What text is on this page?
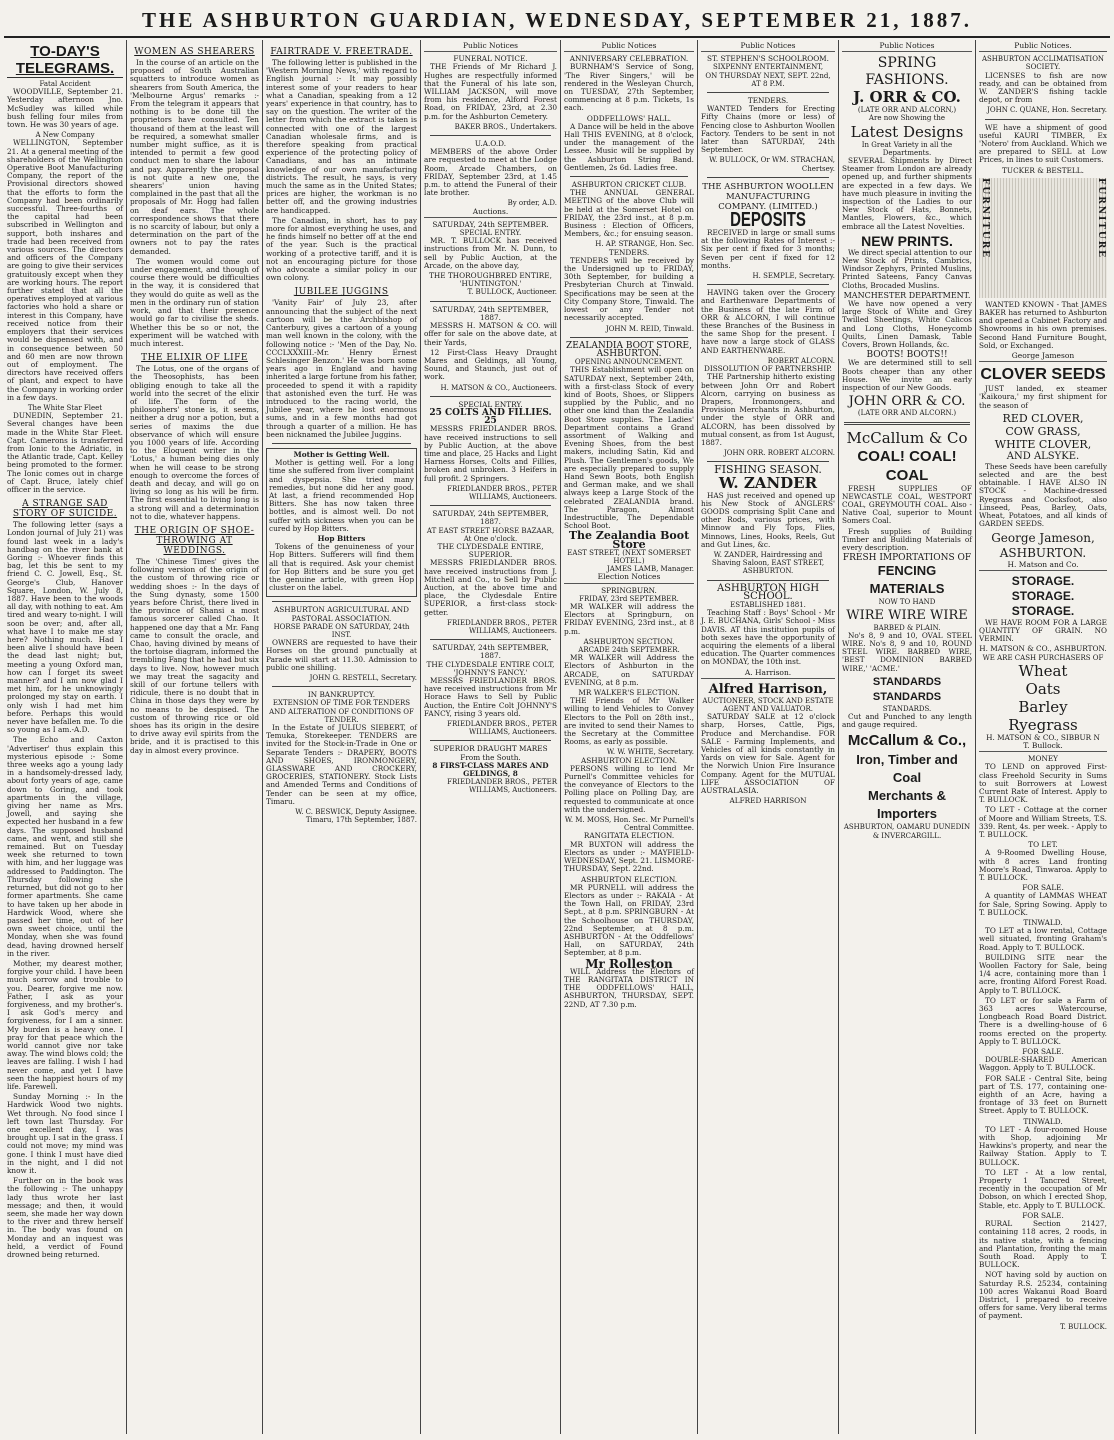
THE ASHBURTON GUARDIAN, WEDNESDAY, SEPTEMBER 21, 1887.
TO-DAY'S TELEGRAMS.
Fatal Accident

WOODVILLE, September 21. Yesterday afternoon Jno. McSudley was killed while bush felling four miles from town. He was 30 years of age.

A New Company

WELLINGTON, September 21. At a general meeting of the shareholders of the Wellington Operative Boot Manufacturing Company, the report of the Provisional directors showed that the efforts to form the Company had been ordinarily successful. Three-fourths of the capital had been subscribed in Wellington and support, both inshares and trade had been received from various sources. The directors and officers of the Company are going to give their services gratuitously except when they are working hours. The report further stated that all the operatives employed at various factories who hold a share or interest in this Company, have received notice from their employers that their services would be dispensed with, and in consequence between 50 and 60 men are now thrown out of employment. The directors have received offers of plant, and expect to have the Company in working order in a few days.

The White Star Fleet

DUNEDIN, September 21. Several changes have been made in the White Star Fleet. Capt. Camerons is transferred from Ionic to the Adriatic, in the Atlantic trade, Capt. Kelley being promoted to the former. The Ionic comes out in charge of Capt. Bruce, lately chief officer in the service.

A STRANGE SAD STORY OF SUICIDE.

The following letter (says a London journal of July 21) was found last week in a lady's handbag on the river bank at Goring :- Whoever finds this bag, let this be sent to my friend C. C. Jowell, Esq., St. George's Club, Hanover Square, London, W. July 8, 1887. Have been to the woods all day, with nothing to eat. Am tired and weary to-night. I will soon be over; and, after all, what have I to make me stay here? Nothing much. Had I been alive I should have been the dead last night; but, meeting a young Oxford man, how can I forget its sweet manner? and I am now glad I met him, for he unknowingly prolonged my stay on earth. I only wish I had met him before. Perhaps this would never have befallen me. To die so young as I am.-A.D.

The Echo and Caxton 'Advertiser' thus explain this mysterious episode :- Some three weeks ago a young lady in a handsomely-dressed lady, about forty years of age, came down to Goring, and took apartments in the village, giving her name as Mrs. Jowell, and saying she expected her husband in a few days. The supposed husband came, and went, and still she remained. But on Tuesday week she returned to town with him, and her luggage was addressed to Paddington. The Thursday following she returned, but did not go to her former apartments. She came to have taken up her abode in Hardwick Wood, where she passed her time, out of her own sweet choice, until the Monday, when she was found dead, having drowned herself in the river.

Mother, my dearest mother, forgive your child. I have been much sorrow and trouble to you. Dearer, forgive me now. Father, I ask as your forgiveness, and my brother's. I ask God's mercy and forgiveness, for I am a sinner. My burden is a heavy one. I pray for that peace which the world cannot give nor take away. The wind blows cold; the leaves are falling. I wish I had never come, and yet I have seen the happiest hours of my life. Farewell.

Sunday Morning :- In the Hardwick Wood two nights. Wet through. No food since I left town last Thursday. For one excellent day, I was brought up. I sat in the grass. I could not move; my mind was gone. I think I must have died in the night, and I did not know it.

Further on in the book was the following :- The unhappy lady thus wrote her last message; and then, it would seem, she made her way down to the river and threw herself in. The body was found on Monday and an inquest was held, a verdict of Found drowned being returned.

WOMEN AS SHEARERS

In the course of an article on the proposed of South Australian squatters to introduce women as shearers from South America, the 'Melbourne Argus' remarks :- From the telegram it appears that nothing is to be done till the proprietors have consulted. Ten thousand of them at the least will be required, a somewhat smaller number might suffice, as it is intended to permit a few good conduct men to share the labour and pay. Apparently the proposal is not quite a new one, the shearers' union having complained in the past that all the proposals of Mr. Hogg had fallen on deaf ears. The whole correspondence shows that there is no scarcity of labour, but only a determination on the part of the owners not to pay the rates demanded.

The women would come out under engagement, and though of course there would be difficulties in the way, it is considered that they would do quite as well as the men in the ordinary run of station work, and that their presence would go far to civilise the sheds. Whether this be so or not, the experiment will be watched with much interest.

THE ELIXIR OF LIFE

The Lotus, one of the organs of the Theosophists, has been obliging enough to take all the world into the secret of the elixir of life. The form of the philosophers' stone is, it seems, neither a drug nor a potion, but a series of maxims the due observance of which will ensure you 1000 years of life. According to the Eloquent writer in the 'Lotus,' a human being dies only when he will cease to be strong enough to overcome the forces of death and decay, and will go on living so long as his will be firm. The first essential to living long is a strong will and a determination not to die, whatever happens.

THE ORIGIN OF SHOE-THROWING AT WEDDINGS.

The 'Chinese Times' gives the following version of the origin of the custom of throwing rice or wedding shoes :- In the days of the Sung dynasty, some 1500 years before Christ, there lived in the province of Shansi a most famous sorcerer called Chao. It happened one day that a Mr. Fang came to consult the oracle, and Chao, having divined by means of the tortoise diagram, informed the trembling Fang that he had but six days to live. Now, however much we may treat the sagacity and skill of our fortune tellers with ridicule, there is no doubt that in China in those days they were by no means to be despised. The custom of throwing rice or old shoes has its origin in the desire to drive away evil spirits from the bride, and it is practised to this day in almost every province.

FAIRTRADE V. FREETRADE.

The following letter is published in the 'Western Morning News,' with regard to English journal :- It may possibly interest some of your readers to hear what a Canadian, speaking from a 12 years' experience in that country, has to say on the question. The writer of the letter from which the extract is taken is connected with one of the largest Canadian wholesale firms, and is therefore speaking from practical experience of the protecting policy of Canadians, and has an intimate knowledge of our own manufacturing districts. The result, he says, is very much the same as in the United States; prices are higher, the workman is no better off, and the growing industries are handicapped.

The Canadian, in short, has to pay more for almost everything he uses, and he finds himself no better off at the end of the year. Such is the practical working of a protective tariff, and it is not an encouraging picture for those who advocate a similar policy in our own colony.

JUBILEE JUGGINS

'Vanity Fair' of July 23, after announcing that the subject of the next cartoon will be the Archbishop of Canterbury, gives a cartoon of a young man well known in the colony, with the following notice :- 'Men of the Day, No. CCCLXXXIII.-Mr. Henry Ernest Schlesinger Benzon.' He was born some years ago in England and having inherited a large fortune from his father, proceeded to spend it with a rapidity that astonished even the turf. He was introduced to the racing world, the Jubilee year, where he lost enormous sums, and in a few months had got through a quarter of a million. He has been nicknamed the Jubilee Juggins.

Mother is Getting Well.

Mother is getting well. For a long time she suffered from liver complaint and dyspepsia. She tried many remedies, but none did her any good. At last, a friend recommended Hop Bitters. She has now taken three bottles, and is almost well. Do not suffer with sickness when you can be cured by Hop Bitters.

Hop Bitters

Tokens of the genuineness of your Hop Bitters. Sufferers will find them all that is required. Ask your chemist for Hop Bitters and be sure you get the genuine article, with green Hop cluster on the label.

ASHBURTON AGRICULTURAL AND PASTORAL ASSOCIATION.
HORSE PARADE ON SATURDAY, 24th INST.

OWNERS are requested to have their Horses on the ground punctually at Parade will start at 11.30. Admission to public one shilling.

JOHN G. RESTELL, Secretary.
IN BANKRUPTCY.
EXTENSION OF TIME FOR TENDERS AND ALTERATION OF CONDITIONS OF TENDER.

In the Estate of JULIUS SIEBERT, of Temuka, Storekeeper. TENDERS are invited for the Stock-in-Trade in One or Separate Tenders :- DRAPERY, BOOTS AND SHOES, IRONMONGERY, GLASSWARE AND CROCKERY, GROCERIES, STATIONERY. Stock Lists and Amended Terms and Conditions of Tender can be seen at my office, Timaru.

W. C. BESWICK, Deputy Assignee. Timaru, 17th September, 1887.
Public Notices
FUNERAL NOTICE.

THE Friends of Mr Richard J. Hughes are respectfully informed that the Funeral of his late son, WILLIAM JACKSON, will move from his residence, Alford Forest Road, on FRIDAY, 23rd, at 2.30 p.m. for the Ashburton Cemetery.

BAKER BROS., Undertakers.
U.A.O.D.

MEMBERS of the above Order are requested to meet at the Lodge Room, Arcade Chambers, on FRIDAY, September 23rd, at 1.45 p.m. to attend the Funeral of their late brother.

By order, A.D.
Auctions.
SATURDAY, 24th SEPTEMBER.
SPECIAL ENTRY.

MR. T. BULLOCK has received instructions from Mr. N. Dunn, to sell by Public Auction, at the Arcade, on the above day,

THE THOROUGHBRED ENTIRE, 'HUNTINGTON.'
T. BULLOCK, Auctioneer.
SATURDAY, 24th SEPTEMBER, 1887.

MESSRS H. MATSON & CO. will offer for sale on the above date, at their Yards,

12 First-Class Heavy Draught Mares and Geldings, all Young, Sound, and Staunch, just out of work.

H. MATSON & CO., Auctioneers.
SPECIAL ENTRY.
25 COLTS AND FILLIES. 25

MESSRS FRIEDLANDER BROS. have received instructions to sell by Public Auction, at the above time and place, 25 Hacks and Light Harness Horses, Colts and Fillies, broken and unbroken. 3 Heifers in full profit. 2 Springers.

FRIEDLANDER BROS., PETER WILLIAMS, Auctioneers.
SATURDAY, 24th SEPTEMBER, 1887.
AT EAST STREET HORSE BAZAAR, At One o'clock.
THE CLYDESDALE ENTIRE, SUPERIOR.

MESSRS FRIEDLANDER BROS. have received instructions from J. Mitchell and Co., to Sell by Public Auction, at the above time and place, the Clydesdale Entire SUPERIOR, a first-class stock-getter.

FRIEDLANDER BROS., PETER WILLIAMS, Auctioneers.
SATURDAY, 24th SEPTEMBER, 1887.
THE CLYDESDALE ENTIRE COLT, 'JOHNNY'S FANCY.'

MESSRS FRIEDLANDER BROS. have received instructions from Mr Horace Haws to Sell by Public Auction, the Entire Colt JOHNNY'S FANCY, rising 3 years old.

FRIEDLANDER BROS., PETER WILLIAMS, Auctioneers.
SUPERIOR DRAUGHT MARES From the South.
8 FIRST-CLASS MARES AND GELDINGS, 8
FRIEDLANDER BROS., PETER WILLIAMS, Auctioneers.
Public Notices
ANNIVERSARY CELEBRATION.

BURNHAM'S Service of Song, 'The River Singers,' will be rendered in the Wesleyan Church, on TUESDAY, 27th September, commencing at 8 p.m. Tickets, 1s each.

ODDFELLOWS' HALL.

A Dance will be held in the above Hall THIS EVENING, at 8 o'clock, under the management of the Lessee. Music will be supplied by the Ashburton String Band. Gentlemen, 2s 6d. Ladies free.

ASHBURTON CRICKET CLUB.

THE ANNUAL GENERAL MEETING of the above Club will be held at the Somerset Hotel on FRIDAY, the 23rd inst., at 8 p.m. Business : Election of Officers, Members, &c.; for ensuing season.

H. AP. STRANGE, Hon. Sec.
TENDERS.

TENDERS will be received by the Undersigned up to FRIDAY, 30th September, for building a Presbyterian Church at Tinwald. Specifications may be seen at the City Company Store, Tinwald. The lowest or any Tender not necessarily accepted.

JOHN M. REID, Tinwald.
ZEALANDIA BOOT STORE, ASHBURTON.
OPENING ANNOUNCEMENT.

THIS Establishment will open on SATURDAY next, September 24th, with a first-class Stock of every kind of Boots, Shoes, or Slippers supplied by the Public, and no other one kind than the Zealandia Boot Store supplies. The Ladies' Department contains a Grand assortment of Walking and Evening Shoes, from the best makers, including Satin, Kid and Plush. The Gentlemen's goods, We are especially prepared to supply Hand Sewn Boots, both English and German make, and we shall always keep a Large Stock of the celebrated ZEALANDIA brand. The Paragon, Almost Indestructible, The Dependable School Boot.

The Zealandia Boot Store
EAST STREET, (NEXT SOMERSET HOTEL.)
JAMES LAMB, Manager.
Election Notices
SPRINGBURN.
FRIDAY, 23rd SEPTEMBER.

MR WALKER will address the Electors at Springburn, on FRIDAY EVENING, 23rd inst., at 8 p.m.

ASHBURTON SECTION.
ARCADE 24th SEPTEMBER.

MR WALKER will Address the Electors of Ashburton in the ARCADE, on SATURDAY EVENING, at 8 p.m.

MR WALKER'S ELECTION.

THE Friends of Mr Walker willing to lend Vehicles to Convey Electors to the Poll on 28th inst., are invited to send their Names to the Secretary at the Committee Rooms, as early as possible.

W. W. WHITE, Secretary.
ASHBURTON ELECTION.

PERSONS willing to lend Mr Purnell's Committee vehicles for the conveyance of Electors to the Polling place on Polling Day, are requested to communicate at once with the undersigned.

W. M. MOSS, Hon. Sec. Mr Purnell's Central Committee.
RANGITATA ELECTION.

MR BUXTON will address the Electors as under :- MAYFIELD-WEDNESDAY, Sept. 21. LISMORE-THURSDAY, Sept. 22nd.

ASHBURTON ELECTION.

MR PURNELL will address the Electors as under :- RAKAIA - At the Town Hall, on FRIDAY, 23rd Sept., at 8 p.m. SPRINGBURN - At the Schoolhouse on THURSDAY, 22nd September, at 8 p.m. ASHBURTON - At the Oddfellows' Hall, on SATURDAY, 24th September, at 8 p.m.

Mr Rolleston

WILL Address the Electors of THE RANGITATA DISTRICT IN THE ODDFELLOWS' HALL, ASHBURTON, THURSDAY, SEPT. 22ND, AT 7.30 p.m.

Public Notices
ST. STEPHEN'S SCHOOLROOM.
SIXPENNY ENTERTAINMENT,
ON THURSDAY NEXT, SEPT. 22nd, AT 8 P.M.
TENDERS.

WANTED Tenders for Erecting Fifty Chains (more or less) of Fencing close to Ashburton Woollen Factory. Tenders to be sent in not later than SATURDAY, 24th September.

W. BULLOCK, Or WM. STRACHAN, Chertsey.
THE ASHBURTON WOOLLEN MANUFACTURING COMPANY. (LIMITED.)
DEPOSITS

RECEIVED in large or small sums at the following Rates of Interest :- Six per cent if fixed for 3 months; Seven per cent if fixed for 12 months.

H. SEMPLE, Secretary.

HAVING taken over the Grocery and Earthenware Departments of the Business of the late Firm of ORR & ALCORN, I will continue these Branches of the Business in the same Shop for the present. I have now a large stock of GLASS AND EARTHENWARE.

ROBERT ALCORN.
DISSOLUTION OF PARTNERSHIP.

THE Partnership hitherto existing between John Orr and Robert Alcorn, carrying on business as Drapers, Ironmongers, and Provision Merchants in Ashburton, under the style of ORR and ALCORN, has been dissolved by mutual consent, as from 1st August, 1887.

JOHN ORR. ROBERT ALCORN.
FISHING SEASON.
W. ZANDER

HAS just received and opened up his New Stock of ANGLERS' GOODS comprising Split Cane and other Rods, various prices, with Minnow and Fly Tops, Flies, Minnows, Lines, Hooks, Reels, Gut and Gut Lines, &c.

W. ZANDER, Hairdressing and Shaving Saloon, EAST STREET, ASHBURTON.
ASHBURTON HIGH SCHOOL.
ESTABLISHED 1881.

Teaching Staff : Boys' School - Mr J. E. BUCHANA, Girls' School - Miss DAVIS. AT this institution pupils of both sexes have the opportunity of acquiring the elements of a liberal education. The Quarter commences on MONDAY, the 10th inst.

A. Harrison.
Alfred Harrison,
AUCTIONEER, STOCK AND ESTATE AGENT AND VALUATOR.

SATURDAY SALE at 12 o'clock sharp, Horses, Cattle, Pigs, Produce and Merchandise. FOR SALE - Farming Implements, and Vehicles of all kinds constantly in Yards on view for Sale. Agent for the Norwich Union Fire Insurance Company. Agent for the MUTUAL LIFE ASSOCIATION OF AUSTRALASIA.

ALFRED HARRISON
Public Notices
SPRING FASHIONS.
J. ORR & CO.
(LATE ORR AND ALCORN,)
Are now Showing the
Latest Designs
In Great Variety in all the Departments.

SEVERAL Shipments by Direct Steamer from London are already opened up, and further shipments are expected in a few days. We have much pleasure in inviting the inspection of the Ladies to our New Stock of Hats, Bonnets, Mantles, Flowers, &c., which embrace all the Latest Novelties.

NEW PRINTS.

We direct special attention to our New Stock of Prints, Cambrics, Windsor Zephyrs, Printed Muslins, Printed Sateens, Fancy Canvas Cloths, Brocaded Muslins.

MANCHESTER DEPARTMENT.

We have now opened a very large Stock of White and Grey Twilled Sheetings, White Calicos and Long Cloths, Honeycomb Quilts, Linen Damask, Table Covers, Brown Hollands, &c.

BOOTS! BOOTS!!

We are determined still to sell Boots cheaper than any other House. We invite an early inspection of our New Goods.

JOHN ORR & CO.
(LATE ORR AND ALCORN.)
McCallum & Co
COAL! COAL! COAL

FRESH SUPPLIES OF NEWCASTLE COAL, WESTPORT COAL, GREYMOUTH COAL. Also - Native Coal, superior to Mount Somers Coal.

Fresh supplies of Building Timber and Building Materials of every description.

FRESH IMPORTATIONS OF
FENCING MATERIALS
NOW TO HAND
WIRE WIRE WIRE
BARBED & PLAIN.

No's 8, 9 and 10, OVAL STEEL WIRE. No's 8, 9 and 10, ROUND STEEL WIRE. BARBED WIRE, 'BEST DOMINION BARBED WIRE,' 'ACME.'

STANDARDS STANDARDS
STANDARDS.

Cut and Punched to any length and gauge required.

McCallum & Co.,
Iron, Timber and Coal
Merchants & Importers
ASHBURTON, OAMARU DUNEDIN & INVERCARGILL.
Public Notices.
ASHBURTON ACCLIMATISATION SOCIETY.

LICENSES to fish are now ready, and can be obtained from W. ZANDER'S fishing tackle depot, or from

JOHN C. QUANE, Hon. Secretary.

WE have a shipment of good useful KAURI TIMBER, Ex 'Notero' from Auckland. Which we are prepared to SELL at Low Prices, in lines to suit Customers.

TUCKER & BESTELL.
FURNITURE	FURNITURE

WANTED KNOWN - That JAMES BAKER has returned to Ashburton and opened a Cabinet Factory and Showrooms in his own premises. Second Hand Furniture Bought, Sold, or Exchanged.

George Jameson
CLOVER SEEDS

JUST landed, ex steamer 'Kaikoura,' my first shipment for the season of

RED CLOVER,
COW GRASS,
WHITE CLOVER,
AND ALSYKE.

These Seeds have been carefully selected and are the best obtainable. I HAVE ALSO IN STOCK - Machine-dressed Ryegrass and Cocksfoot, also Linseed, Peas, Barley, Oats, Wheat, Potatoes, and all kinds of GARDEN SEEDS.

George Jameson, ASHBURTON.
H. Matson and Co.
STORAGE. STORAGE.
STORAGE.

WE HAVE ROOM FOR A LARGE QUANTITY OF GRAIN. NO VERMIN.

H. MATSON & CO., ASHBURTON.
WE ARE CASH PURCHASERS OF
Wheat
Oats
Barley
Ryegrass
H. MATSON & CO., SIBBUR N
T. Bullock.
MONEY

TO LEND on approved First-class Freehold Security in Sums to suit Borrowers at Lowest Current Rate of Interest. Apply to T. BULLOCK.

TO LET - Cottage at the corner of Moore and William Streets, T.S. 339. Rent, 4s. per week. - Apply to T. BULLOCK.

TO LET.

A 9-Roomed Dwelling House, with 8 acres Land fronting Moore's Road, Tinwaroa. Apply to T. BULLOCK.

FOR SALE.

A quantity of LAMMAS WHEAT for Sale, Spring Sowing. Apply to T. BULLOCK.

TINWALD.

TO LET at a low rental, Cottage well situated, fronting Graham's Road. Apply to T. BULLOCK.

BUILDING SITE near the Woollen Factory for Sale, being 1/4 acre, containing more than 1 acre, fronting Alford Forest Road. Apply to T. BULLOCK.

TO LET or for sale a Farm of 363 acres Watercourse, Longbeach Road Board District. There is a dwelling-house of 6 rooms erected on the property. Apply to T. BULLOCK.

FOR SALE.

DOUBLE-SHARED American Waggon. Apply to T. BULLOCK.

FOR SALE - Central Site, being part of T.S. 177, containing one-eighth of an Acre, having a frontage of 33 feet on Burnett Street. Apply to T. BULLOCK.

TINWALD.

TO LET - A four-roomed House with Shop, adjoining Mr Hawkins's property, and near the Railway Station. Apply to T. BULLOCK.

TO LET - At a low rental, Property 1 Tancred Street, recently in the occupation of Mr Dobson, on which I erected Shop, Stable, etc. Apply to T. BULLOCK.

FOR SALE.

RURAL Section 21427, containing 118 acres, 2 roods, in its native state, with a fencing and Plantation, fronting the main South Road. Apply to T. BULLOCK.

NOT having sold by auction on Saturday R.S. 25234, containing 100 acres Wakanui Road Board District, I prepared to receive offers for same. Very liberal terms of payment.

T. BULLOCK.
